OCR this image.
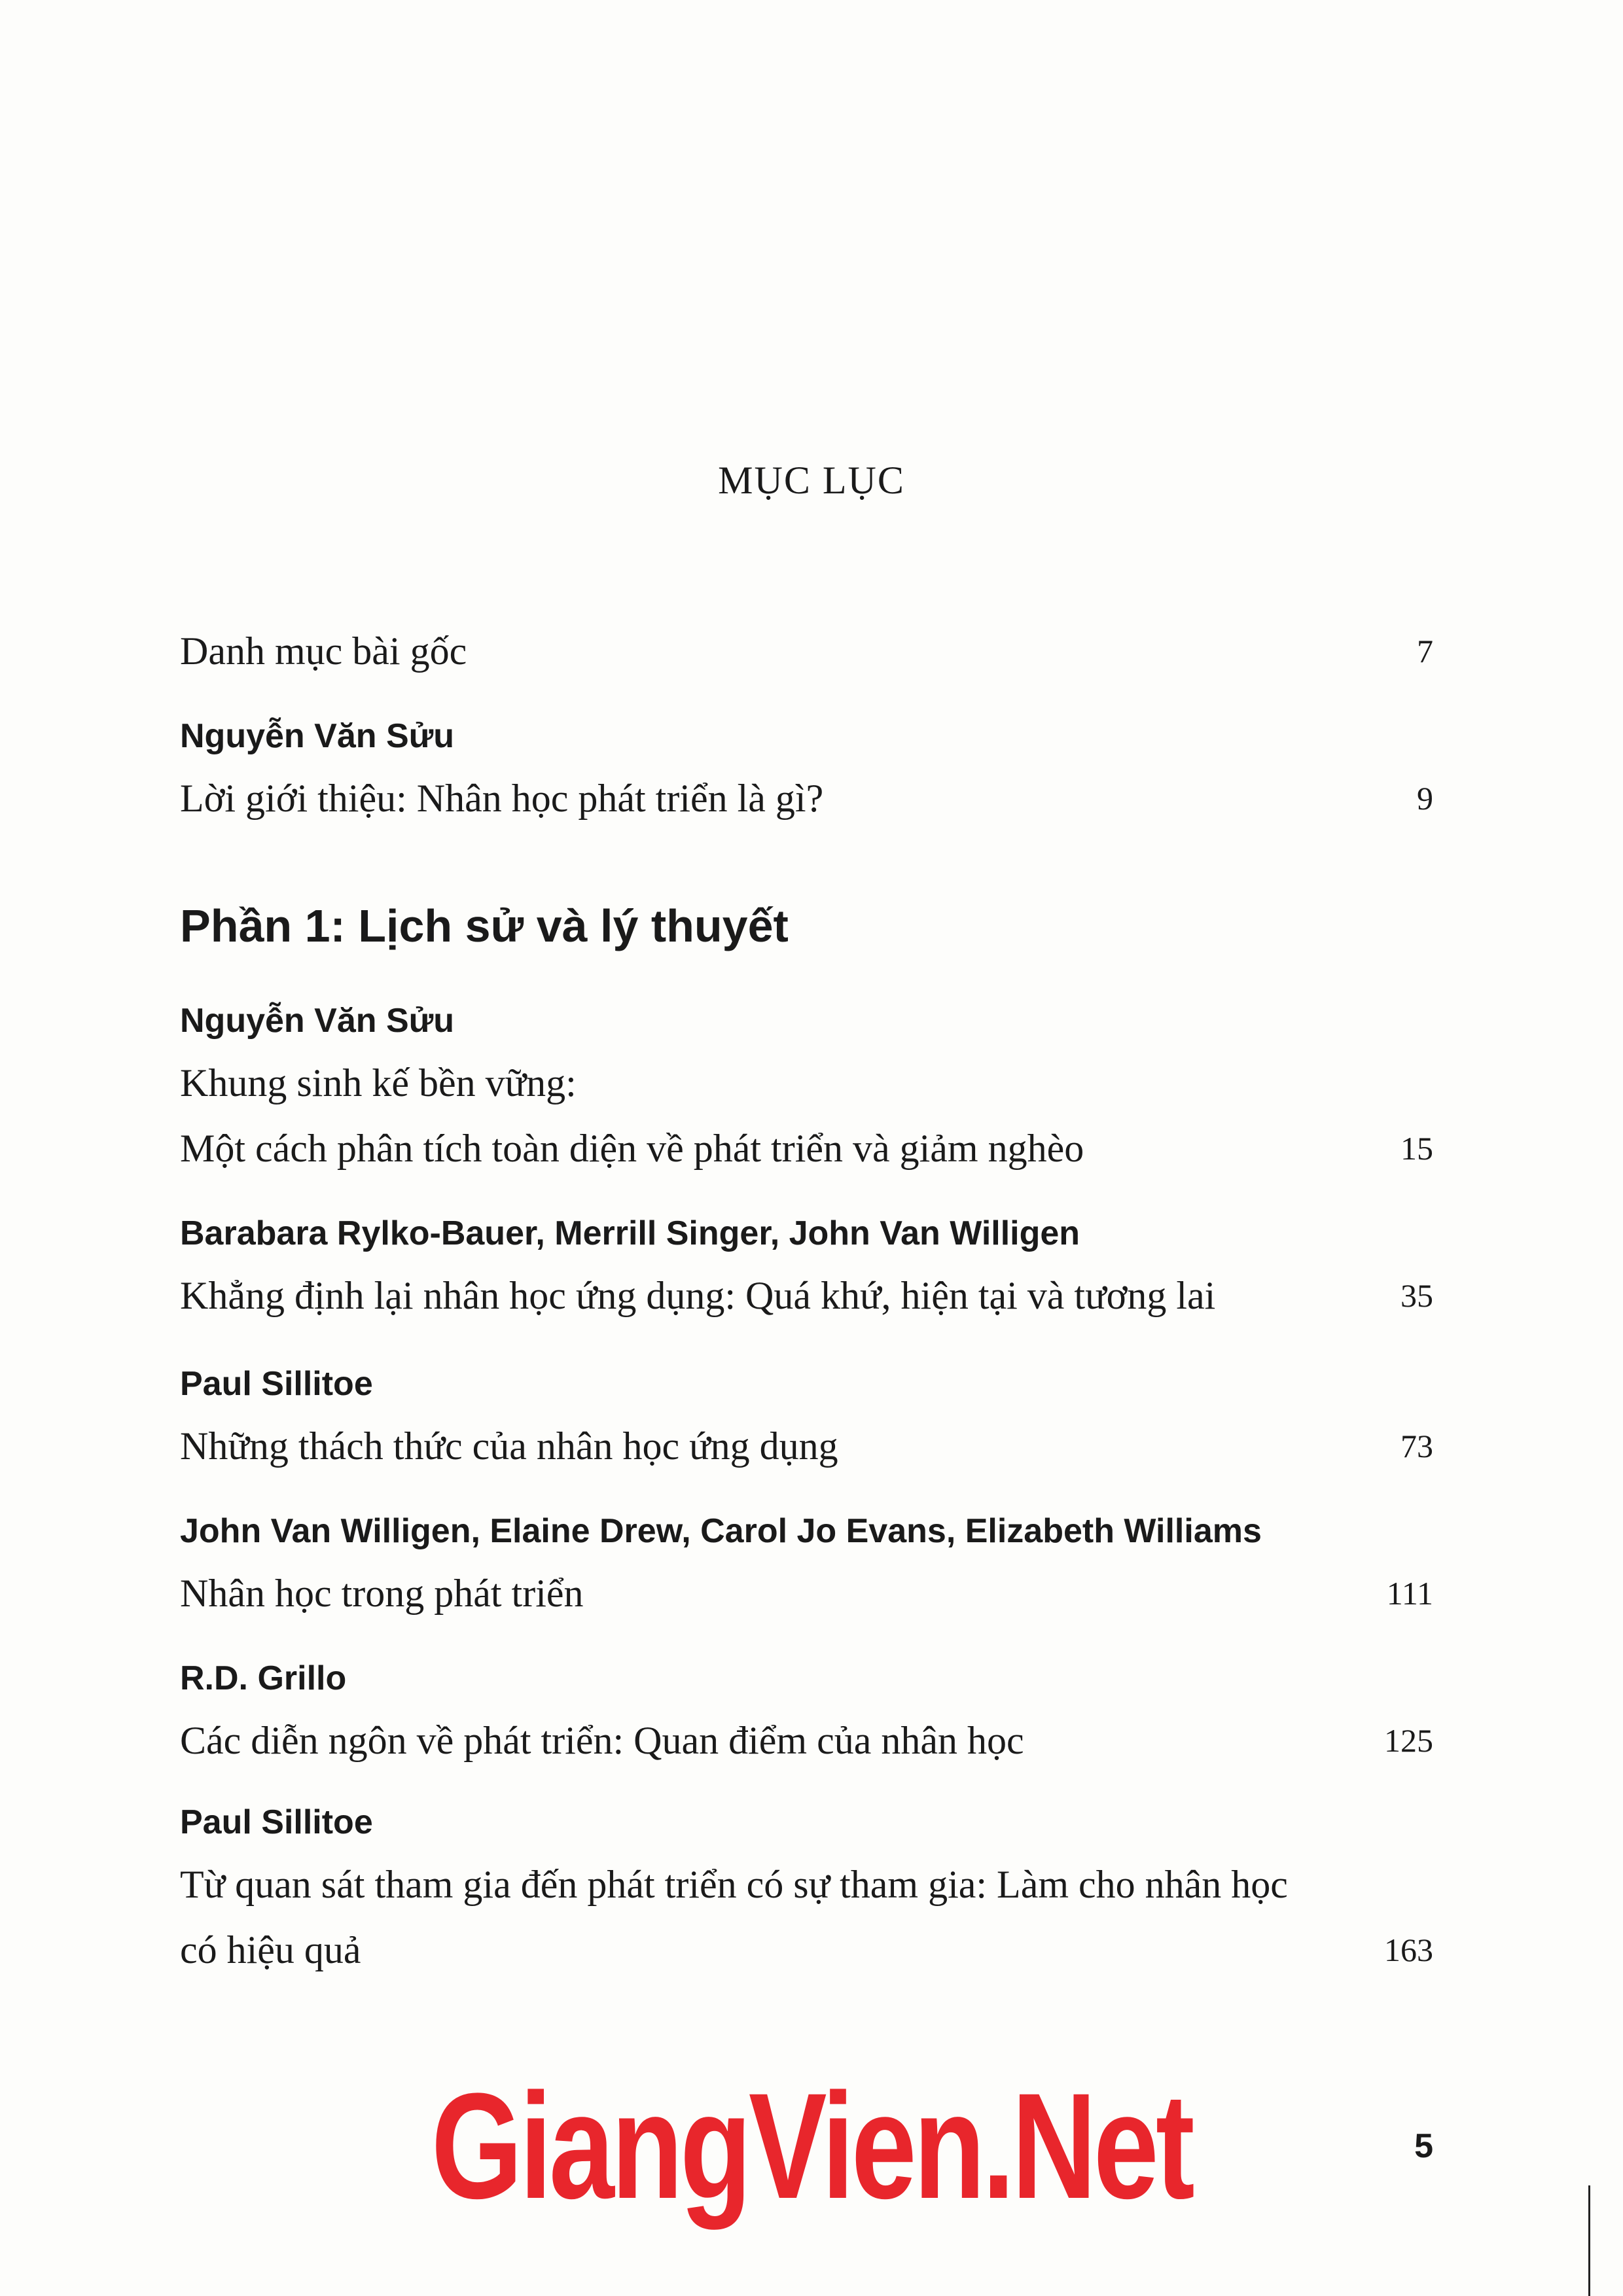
MỤC LỤC
Danh mục bài gốc	7
Nguyễn Văn Sửu
Lời giới thiệu: Nhân học phát triển là gì?	9
Phần 1: Lịch sử và lý thuyết
Nguyễn Văn Sửu
Khung sinh kế bền vững:
Một cách phân tích toàn diện về phát triển và giảm nghèo	15
Barabara Rylko-Bauer, Merrill Singer, John Van Willigen
Khẳng định lại nhân học ứng dụng: Quá khứ, hiện tại và tương lai	35
Paul Sillitoe
Những thách thức của nhân học ứng dụng	73
John Van Willigen, Elaine Drew, Carol Jo Evans, Elizabeth Williams
Nhân học trong phát triển	111
R.D. Grillo
Các diễn ngôn về phát triển: Quan điểm của nhân học	125
Paul Sillitoe
Từ quan sát tham gia đến phát triển có sự tham gia: Làm cho nhân học
có hiệu quả	163
GiangVien.Net	5
